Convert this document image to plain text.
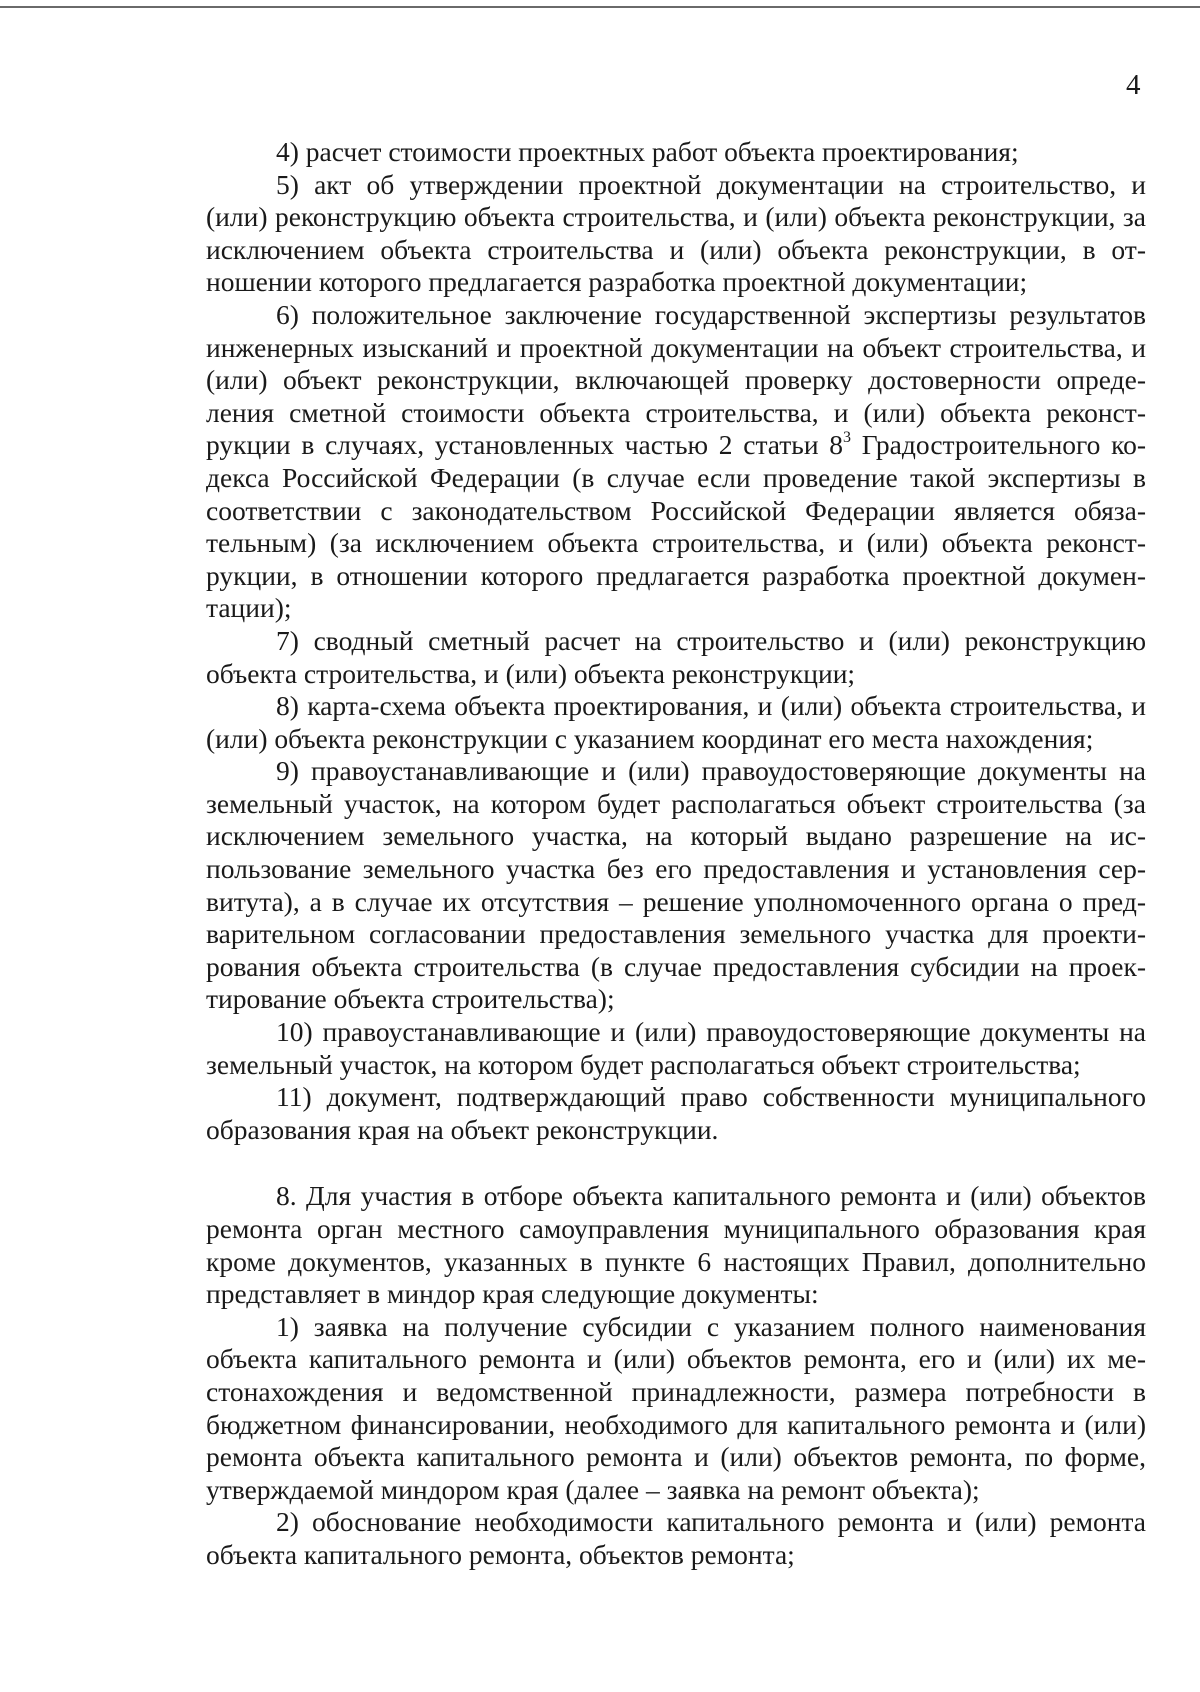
4

4) расчет стоимости проектных работ объекта проектирования;

5) акт об утверждении проектной документации на строительство, и (или) реконструкцию объекта строительства, и (или) объекта реконструкции, за исключением объекта строительства и (или) объекта реконструкции, в отношении которого предлагается разработка проектной документации;

6) положительное заключение государственной экспертизы результатов инженерных изысканий и проектной документации на объект строительства, и (или) объект реконструкции, включающей проверку достоверности определения сметной стоимости объекта строительства, и (или) объекта реконструкции в случаях, установленных частью 2 статьи $8^3$ Градостроительного кодекса Российской Федерации (в случае если проведение такой экспертизы в соответствии с законодательством Российской Федерации является обязательным) (за исключением объекта строительства, и (или) объекта реконструкции, в отношении которого предлагается разработка проектной документации);

7) сводный сметный расчет на строительство и (или) реконструкцию объекта строительства, и (или) объекта реконструкции;

8) карта-схема объекта проектирования, и (или) объекта строительства, и (или) объекта реконструкции с указанием координат его места нахождения;

9) правоустанавливающие и (или) правоудостоверяющие документы на земельный участок, на котором будет располагаться объект строительства (за исключением земельного участка, на который выдано разрешение на использование земельного участка без его предоставления и установления сервитута), а в случае их отсутствия – решение уполномоченного органа о предварительном согласовании предоставления земельного участка для проектирования объекта строительства (в случае предоставления субсидии на проектирование объекта строительства);

10) правоустанавливающие и (или) правоудостоверяющие документы на земельный участок, на котором будет располагаться объект строительства;

11) документ, подтверждающий право собственности муниципального образования края на объект реконструкции.

8. Для участия в отборе объекта капитального ремонта и (или) объектов ремонта орган местного самоуправления муниципального образования края кроме документов, указанных в пункте 6 настоящих Правил, дополнительно представляет в миндор края следующие документы:

1) заявка на получение субсидии с указанием полного наименования объекта капитального ремонта и (или) объектов ремонта, его и (или) их местонахождения и ведомственной принадлежности, размера потребности в бюджетном финансировании, необходимого для капитального ремонта и (или) ремонта объекта капитального ремонта и (или) объектов ремонта, по форме, утверждаемой миндором края (далее – заявка на ремонт объекта);

2) обоснование необходимости капитального ремонта и (или) ремонта объекта капитального ремонта, объектов ремонта;
